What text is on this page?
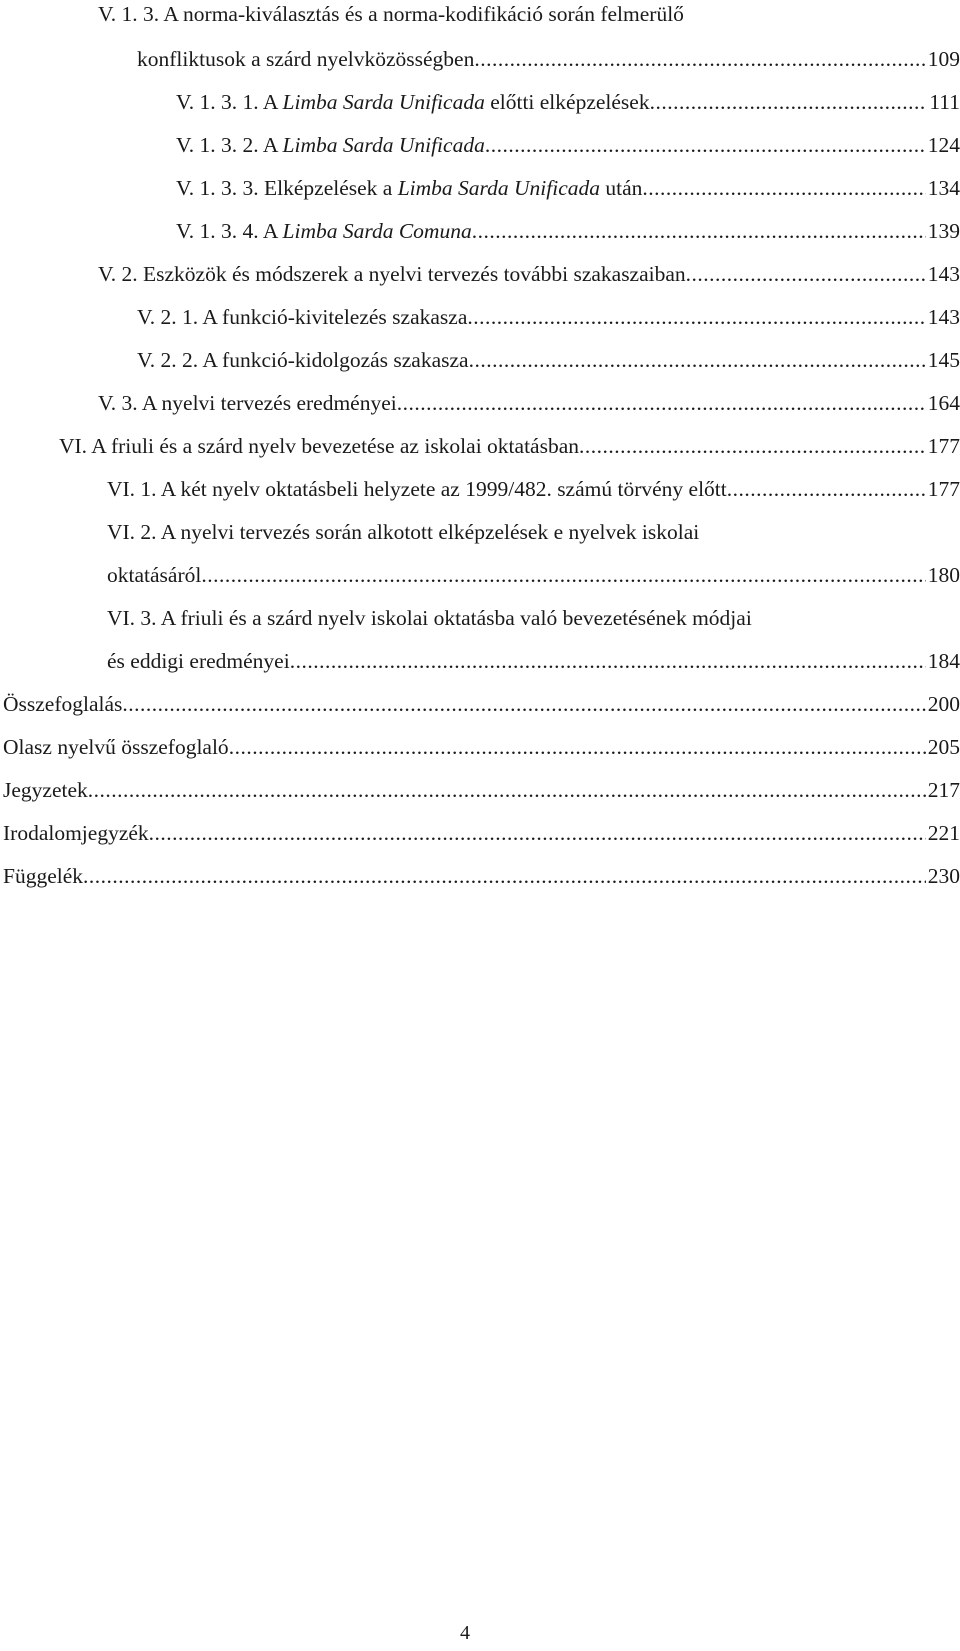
V. 1. 3. A norma-kiválasztás és a norma-kodifikáció során felmerülő
konfliktusok a szárd nyelvközösségben .....	109
V. 1. 3. 1. A Limba Sarda Unificada előtti elképzelések .....	111
V. 1. 3. 2. A Limba Sarda Unificada .....	124
V. 1. 3. 3. Elképzelések a Limba Sarda Unificada után .....	134
V. 1. 3. 4. A Limba Sarda Comuna .....	139
V. 2. Eszközök és módszerek a nyelvi tervezés további szakaszaiban .....	143
V. 2. 1. A funkció-kivitelezés szakasza .....	143
V. 2. 2. A funkció-kidolgozás szakasza .....	145
V. 3. A nyelvi tervezés eredményei .....	164
VI. A friuli és a szárd nyelv bevezetése az iskolai oktatásban .....	177
VI. 1. A két nyelv oktatásbeli helyzete az 1999/482. számú törvény előtt .....	177
VI. 2. A nyelvi tervezés során alkotott elképzelések e nyelvek iskolai
oktatásáról .....	180
VI. 3. A friuli és a szárd nyelv iskolai oktatásba való bevezetésének módjai
és eddigi eredményei .....	184
Összefoglalás .....	200
Olasz nyelvű összefoglaló .....	205
Jegyzetek .....	217
Irodalomjegyzék .....	221
Függelék .....	230
4
